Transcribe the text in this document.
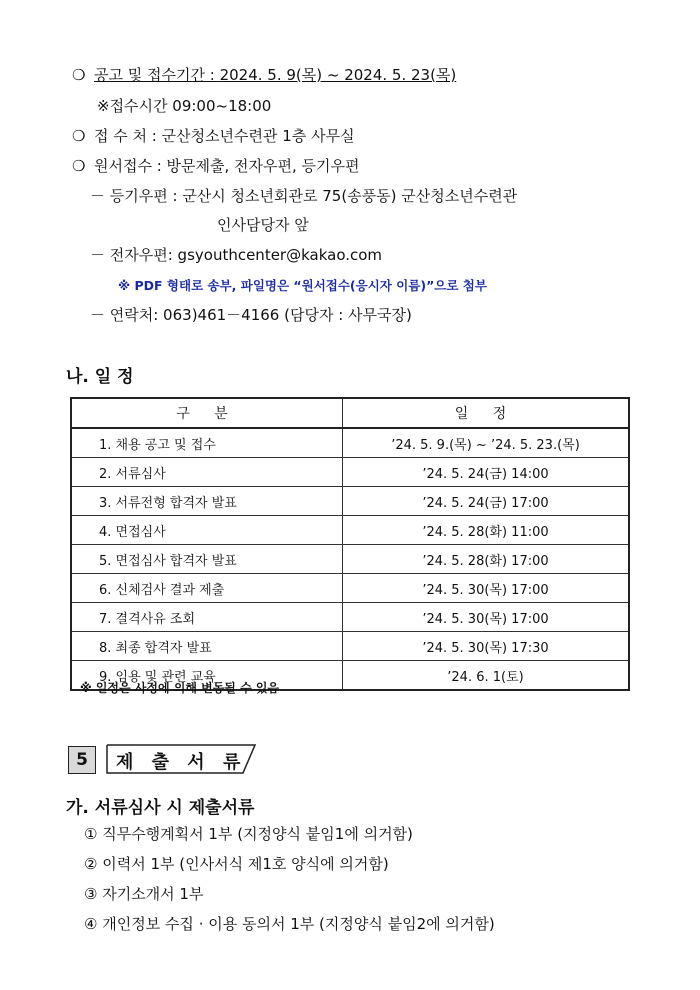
❍ 공고 및 접수기간 : 2024. 5. 9(목) ~ 2024. 5. 23(목)
※접수시간 09:00~18:00
❍ 접 수 처 : 군산청소년수련관 1층 사무실
❍ 원서접수 : 방문제출, 전자우편, 등기우편
－ 등기우편 : 군산시 청소년회관로 75(송풍동) 군산청소년수련관
인사담당자 앞
－ 전자우편: gsyouthcenter@kakao.com
※ PDF 형태로 송부, 파일명은 “원서접수(응시자 이름)”으로 첨부
－ 연락처: 063)461－4166 (담당자 : 사무국장)
나. 일 정
구 분	일 정
1. 채용 공고 및 접수	’24. 5. 9.(목) ~ ’24. 5. 23.(목)
2. 서류심사	’24. 5. 24(금) 14:00
3. 서류전형 합격자 발표	’24. 5. 24(금) 17:00
4. 면접심사	’24. 5. 28(화) 11:00
5. 면접심사 합격자 발표	’24. 5. 28(화) 17:00
6. 신체검사 결과 제출	’24. 5. 30(목) 17:00
7. 결격사유 조회	’24. 5. 30(목) 17:00
8. 최종 합격자 발표	’24. 5. 30(목) 17:30
9. 임용 및 관련 교육	’24. 6. 1(토)
※ 일정은 사정에 의해 변동될 수 있음
5	제 출 서 류
가. 서류심사 시 제출서류
① 직무수행계획서 1부 (지정양식 붙임1에 의거함)
② 이력서 1부 (인사서식 제1호 양식에 의거함)
③ 자기소개서 1부
④ 개인정보 수집 · 이용 동의서 1부 (지정양식 붙임2에 의거함)
